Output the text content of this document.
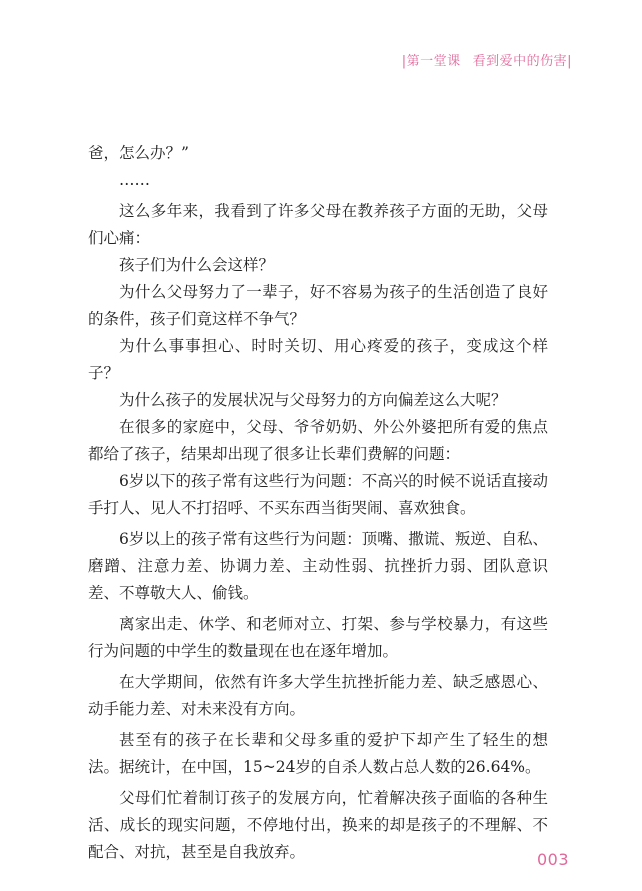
|第一堂课 看到爱中的伤害|

爸，怎么办？”

……

这么多年来，我看到了许多父母在教养孩子方面的无助，父母们心痛：

孩子们为什么会这样？

为什么父母努力了一辈子，好不容易为孩子的生活创造了良好的条件，孩子们竟这样不争气？

为什么事事担心、时时关切、用心疼爱的孩子，变成这个样子？

为什么孩子的发展状况与父母努力的方向偏差这么大呢？

在很多的家庭中，父母、爷爷奶奶、外公外婆把所有爱的焦点都给了孩子，结果却出现了很多让长辈们费解的问题：

6岁以下的孩子常有这些行为问题：不高兴的时候不说话直接动手打人、见人不打招呼、不买东西当街哭闹、喜欢独食。

6岁以上的孩子常有这些行为问题：顶嘴、撒谎、叛逆、自私、磨蹭、注意力差、协调力差、主动性弱、抗挫折力弱、团队意识差、不尊敬大人、偷钱。

离家出走、休学、和老师对立、打架、参与学校暴力，有这些行为问题的中学生的数量现在也在逐年增加。

在大学期间，依然有许多大学生抗挫折能力差、缺乏感恩心、动手能力差、对未来没有方向。

甚至有的孩子在长辈和父母多重的爱护下却产生了轻生的想法。据统计，在中国，15~24岁的自杀人数占总人数的26.64%。

父母们忙着制订孩子的发展方向，忙着解决孩子面临的各种生活、成长的现实问题，不停地付出，换来的却是孩子的不理解、不配合、对抗，甚至是自我放弃。	003
